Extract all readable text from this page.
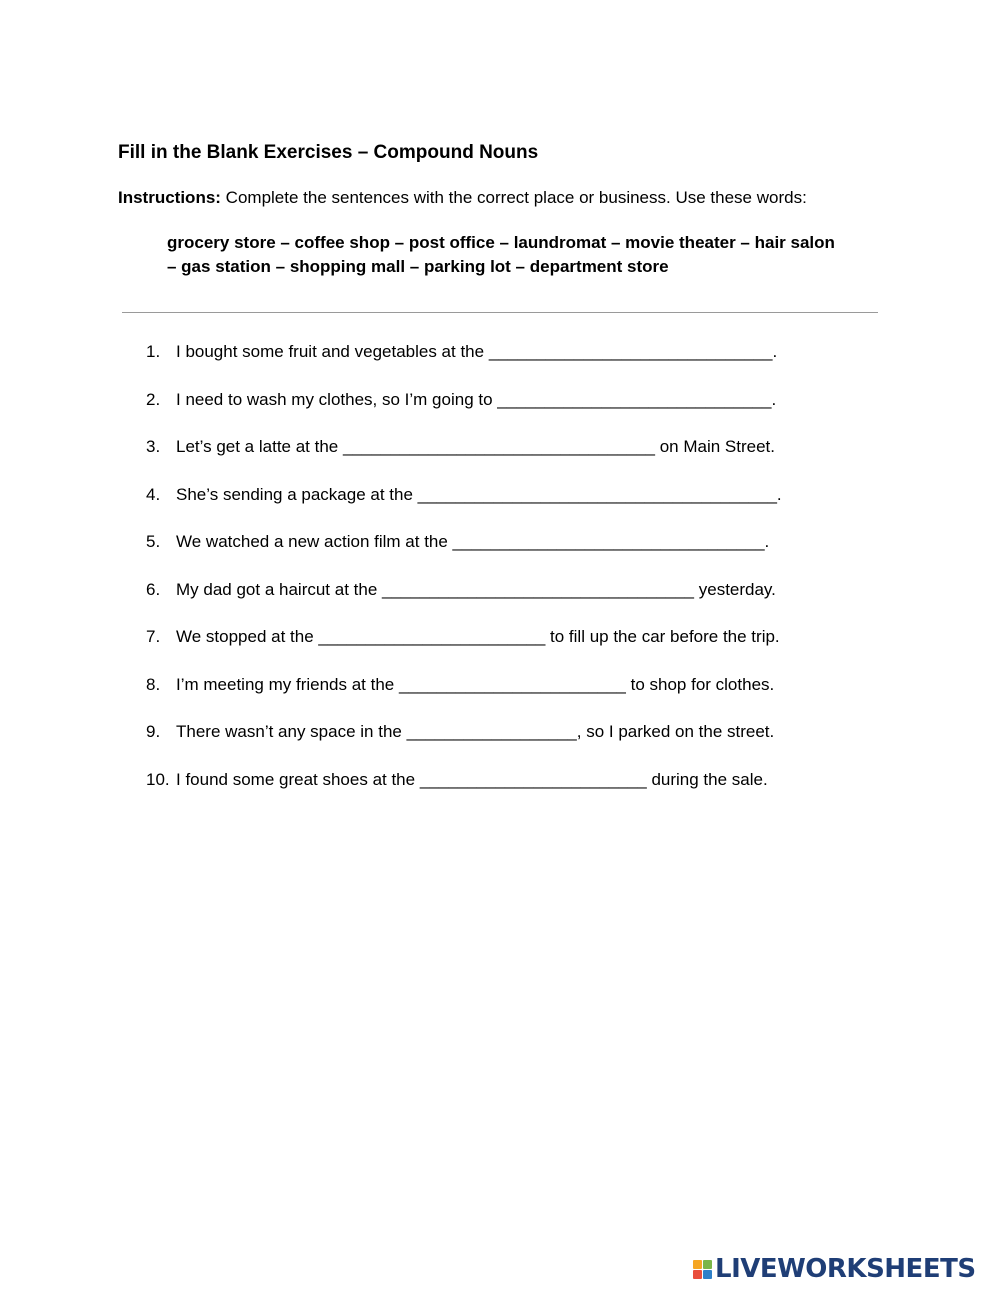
Fill in the Blank Exercises – Compound Nouns
Instructions: Complete the sentences with the correct place or business. Use these words:
grocery store – coffee shop – post office – laundromat – movie theater – hair salon – gas station – shopping mall – parking lot – department store
1. I bought some fruit and vegetables at the ______________________________.
2. I need to wash my clothes, so I’m going to _____________________________.
3. Let’s get a latte at the _________________________________ on Main Street.
4. She’s sending a package at the ______________________________________.
5. We watched a new action film at the _________________________________.
6. My dad got a haircut at the _________________________________ yesterday.
7. We stopped at the ________________________ to fill up the car before the trip.
8. I’m meeting my friends at the ________________________ to shop for clothes.
9. There wasn’t any space in the __________________, so I parked on the street.
10. I found some great shoes at the ________________________ during the sale.
LIVEWORKSHEETS
